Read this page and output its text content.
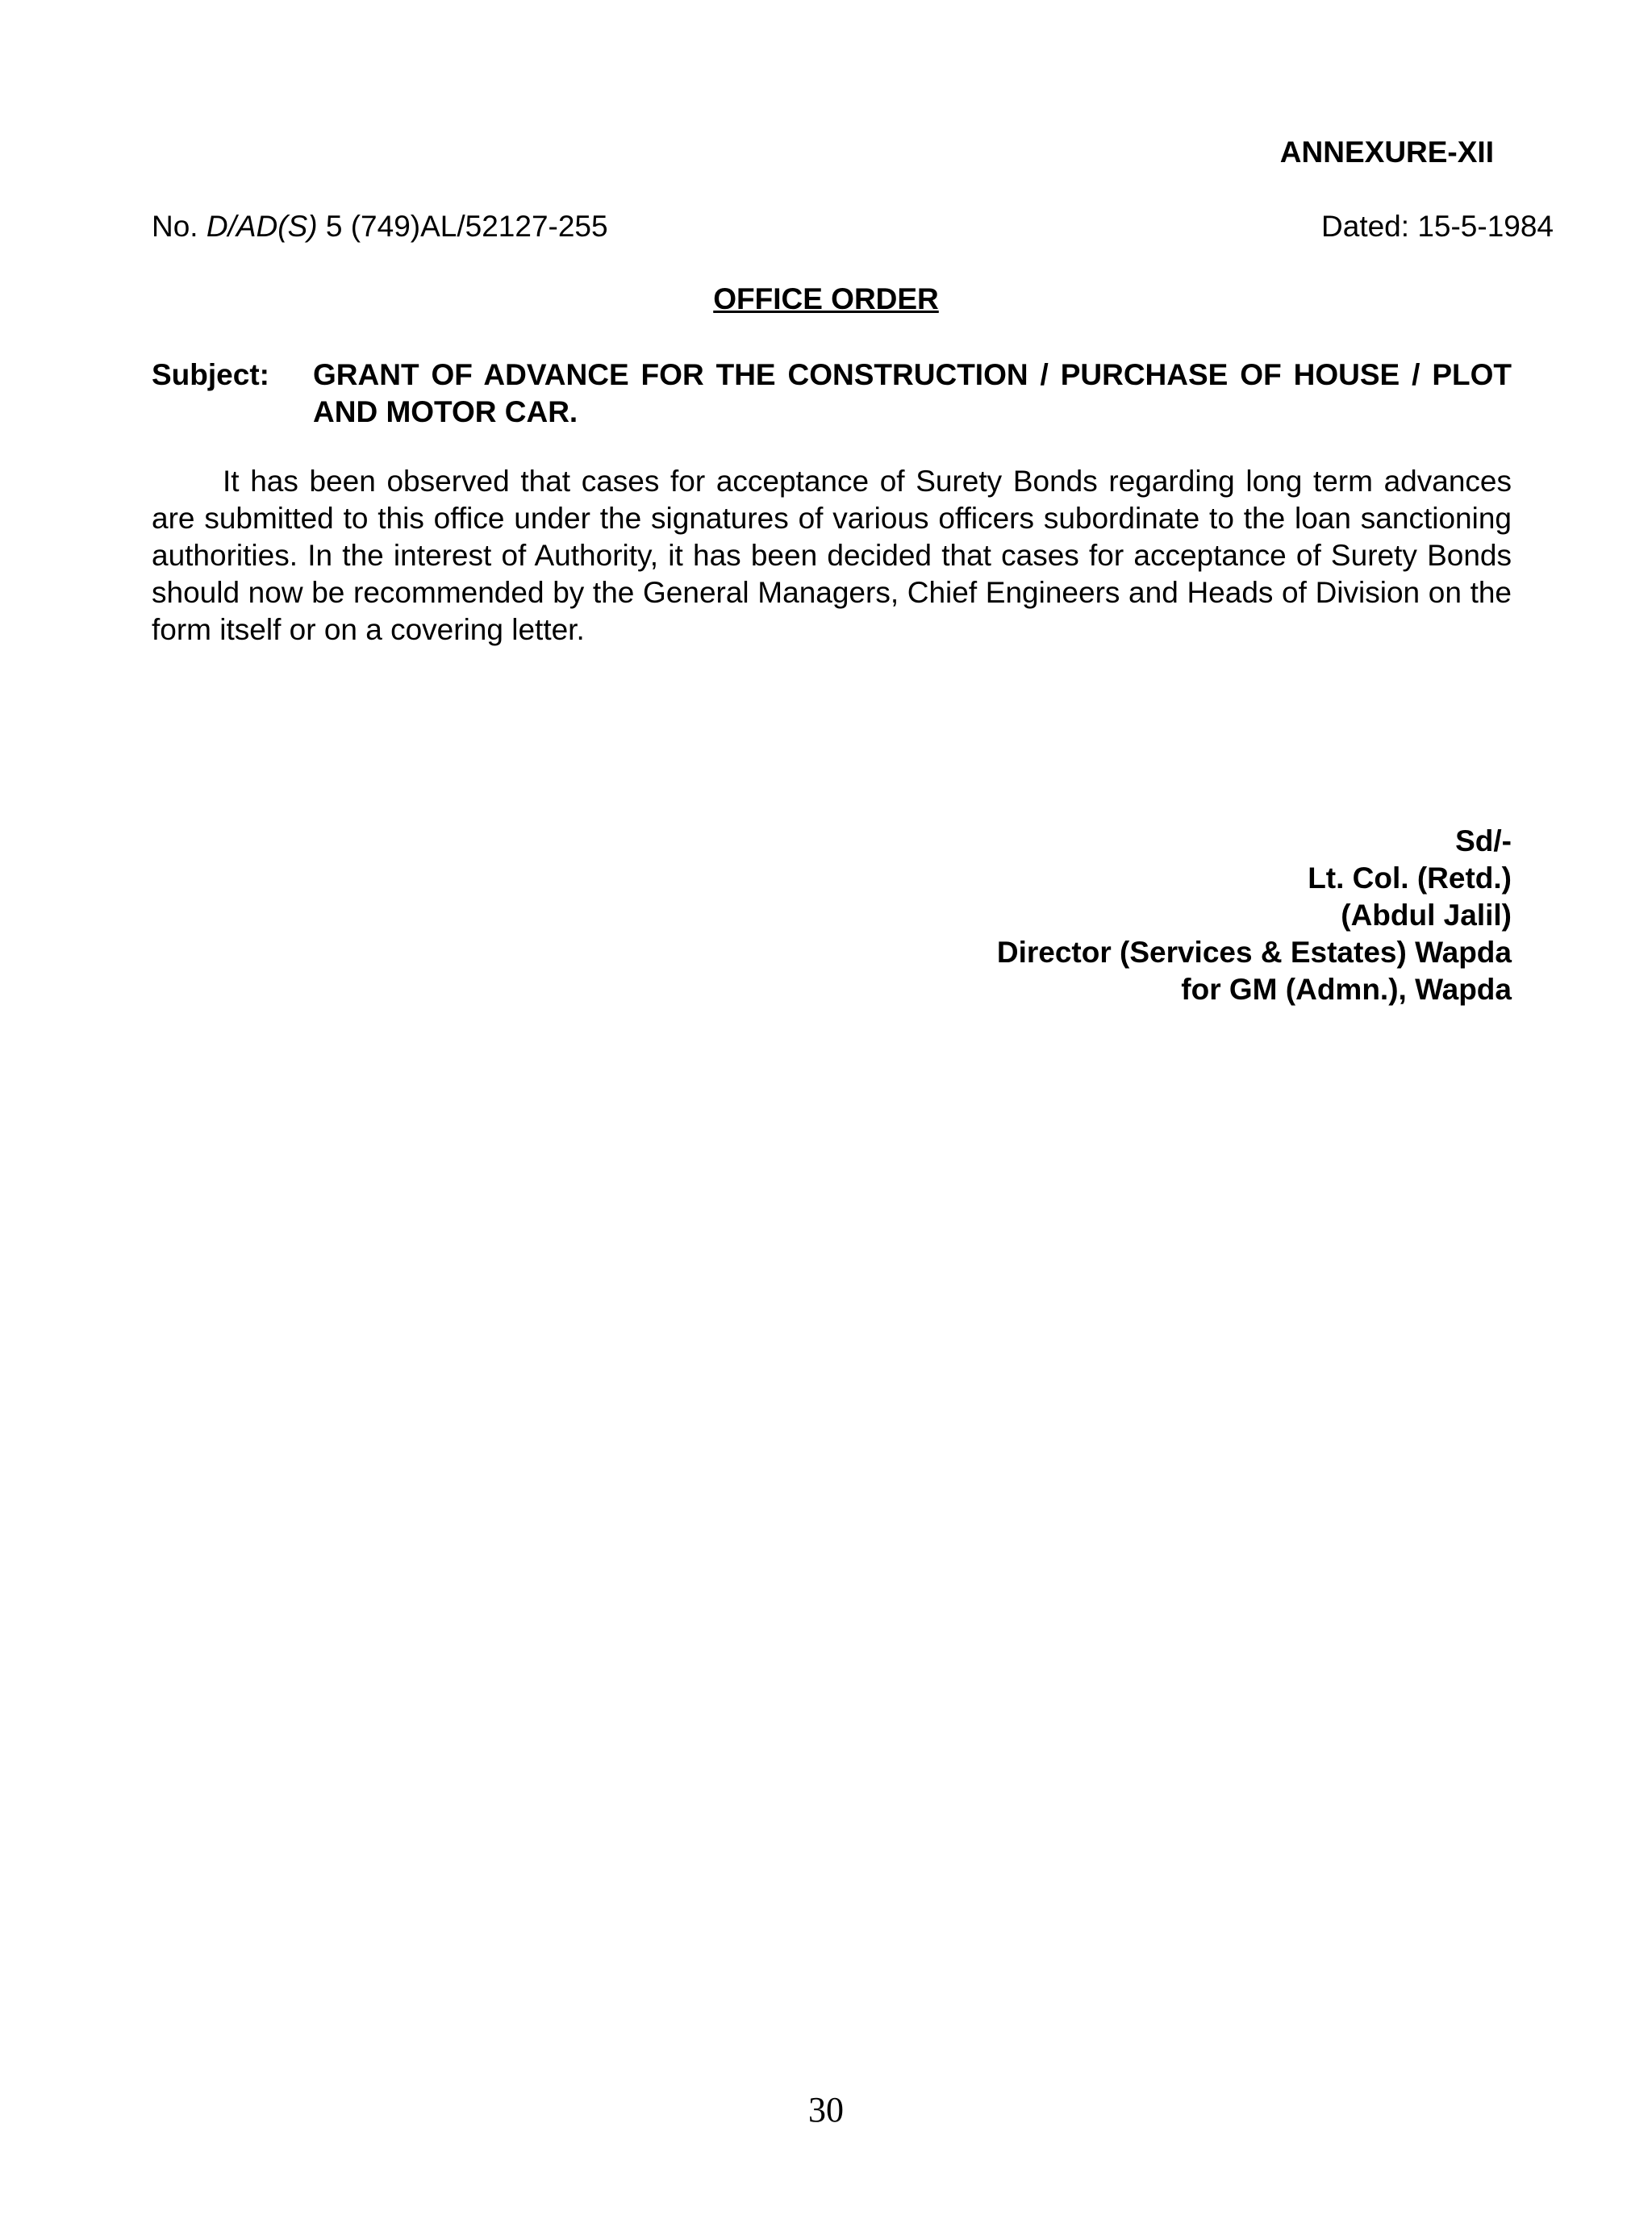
ANNEXURE-XII
No. D/AD(S) 5 (749)AL/52127-255	Dated: 15-5-1984
OFFICE ORDER
Subject:	GRANT OF ADVANCE FOR THE CONSTRUCTION / PURCHASE OF HOUSE / PLOT AND MOTOR CAR.
It has been observed that cases for acceptance of Surety Bonds regarding long term advances are submitted to this office under the signatures of various officers subordinate to the loan sanctioning authorities. In the interest of Authority, it has been decided that cases for acceptance of Surety Bonds should now be recommended by the General Managers, Chief Engineers and Heads of Division on the form itself or on a covering letter.
Sd/-
Lt. Col. (Retd.)
(Abdul Jalil)
Director (Services & Estates) Wapda
for GM (Admn.), Wapda
30
